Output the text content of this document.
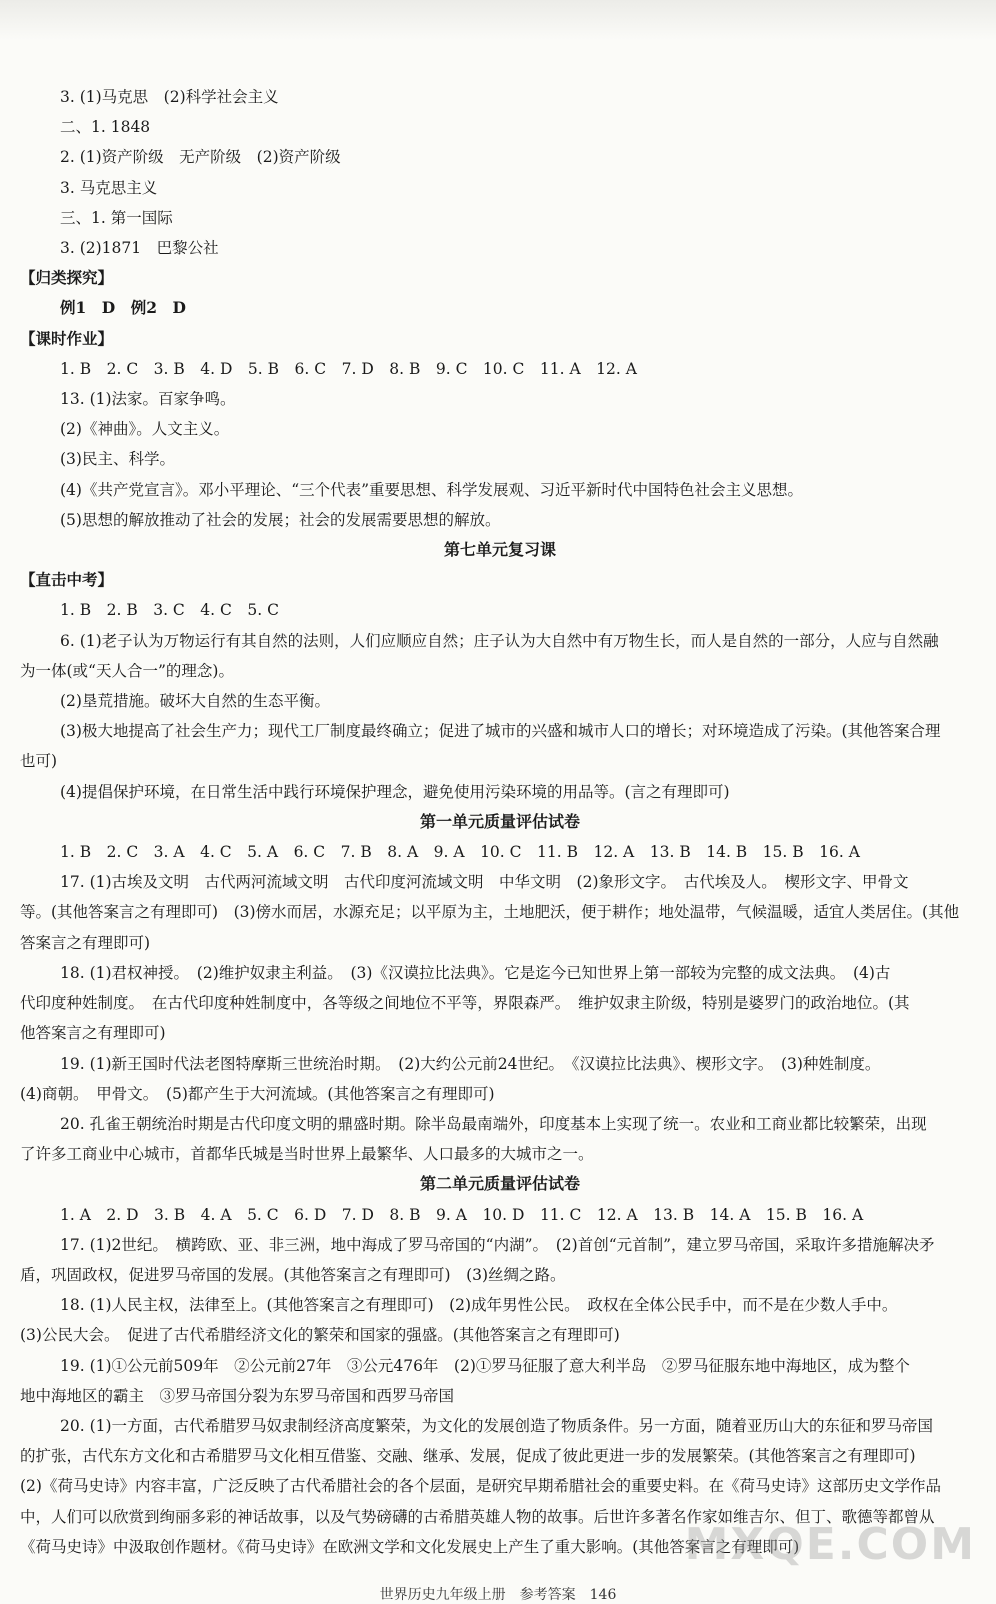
3. (1)马克思　(2)科学社会主义
二、1. 1848
2. (1)资产阶级　无产阶级　(2)资产阶级
3. 马克思主义
三、1. 第一国际
3. (2)1871　巴黎公社
【归类探究】
例1　D　例2　D
【课时作业】
1. B　2. C　3. B　4. D　5. B　6. C　7. D　8. B　9. C　10. C　11. A　12. A
13. (1)法家。百家争鸣。
(2)《神曲》。人文主义。
(3)民主、科学。
(4)《共产党宣言》。邓小平理论、“三个代表”重要思想、科学发展观、习近平新时代中国特色社会主义思想。
(5)思想的解放推动了社会的发展；社会的发展需要思想的解放。
第七单元复习课
【直击中考】
1. B　2. B　3. C　4. C　5. C
6. (1)老子认为万物运行有其自然的法则，人们应顺应自然；庄子认为大自然中有万物生长，而人是自然的一部分，人应与自然融
为一体(或“天人合一”的理念)。
(2)垦荒措施。破坏大自然的生态平衡。
(3)极大地提高了社会生产力；现代工厂制度最终确立；促进了城市的兴盛和城市人口的增长；对环境造成了污染。(其他答案合理
也可)
(4)提倡保护环境，在日常生活中践行环境保护理念，避免使用污染环境的用品等。(言之有理即可)
第一单元质量评估试卷
1. B　2. C　3. A　4. C　5. A　6. C　7. B　8. A　9. A　10. C　11. B　12. A　13. B　14. B　15. B　16. A
17. (1)古埃及文明　古代两河流域文明　古代印度河流域文明　中华文明　(2)象形文字。　古代埃及人。　楔形文字、甲骨文
等。(其他答案言之有理即可)　(3)傍水而居，水源充足；以平原为主，土地肥沃，便于耕作；地处温带，气候温暖，适宜人类居住。(其他
答案言之有理即可)
18. (1)君权神授。　(2)维护奴隶主利益。　(3)《汉谟拉比法典》。它是迄今已知世界上第一部较为完整的成文法典。　(4)古
代印度种姓制度。　在古代印度种姓制度中，各等级之间地位不平等，界限森严。　维护奴隶主阶级，特别是婆罗门的政治地位。(其
他答案言之有理即可)
19. (1)新王国时代法老图特摩斯三世统治时期。　(2)大约公元前24世纪。　《汉谟拉比法典》、楔形文字。　(3)种姓制度。
(4)商朝。　甲骨文。　(5)都产生于大河流域。(其他答案言之有理即可)
20. 孔雀王朝统治时期是古代印度文明的鼎盛时期。除半岛最南端外，印度基本上实现了统一。农业和工商业都比较繁荣，出现
了许多工商业中心城市，首都华氏城是当时世界上最繁华、人口最多的大城市之一。
第二单元质量评估试卷
1. A　2. D　3. B　4. A　5. C　6. D　7. D　8. B　9. A　10. D　11. C　12. A　13. B　14. A　15. B　16. A
17. (1)2世纪。　横跨欧、亚、非三洲，地中海成了罗马帝国的“内湖”。　(2)首创“元首制”，建立罗马帝国，采取许多措施解决矛
盾，巩固政权，促进罗马帝国的发展。(其他答案言之有理即可)　(3)丝绸之路。
18. (1)人民主权，法律至上。(其他答案言之有理即可)　(2)成年男性公民。　政权在全体公民手中，而不是在少数人手中。
(3)公民大会。　促进了古代希腊经济文化的繁荣和国家的强盛。(其他答案言之有理即可)
19. (1)①公元前509年　②公元前27年　③公元476年　(2)①罗马征服了意大利半岛　②罗马征服东地中海地区，成为整个
地中海地区的霸主　③罗马帝国分裂为东罗马帝国和西罗马帝国
20. (1)一方面，古代希腊罗马奴隶制经济高度繁荣，为文化的发展创造了物质条件。另一方面，随着亚历山大的东征和罗马帝国
的扩张，古代东方文化和古希腊罗马文化相互借鉴、交融、继承、发展，促成了彼此更进一步的发展繁荣。(其他答案言之有理即可)
(2)《荷马史诗》内容丰富，广泛反映了古代希腊社会的各个层面，是研究早期希腊社会的重要史料。在《荷马史诗》这部历史文学作品
中，人们可以欣赏到绚丽多彩的神话故事，以及气势磅礴的古希腊英雄人物的故事。后世许多著名作家如维吉尔、但丁、歌德等都曾从
《荷马史诗》中汲取创作题材。《荷马史诗》在欧洲文学和文化发展史上产生了重大影响。(其他答案言之有理即可)
世界历史九年级上册　参考答案　146
MXQE.COM
